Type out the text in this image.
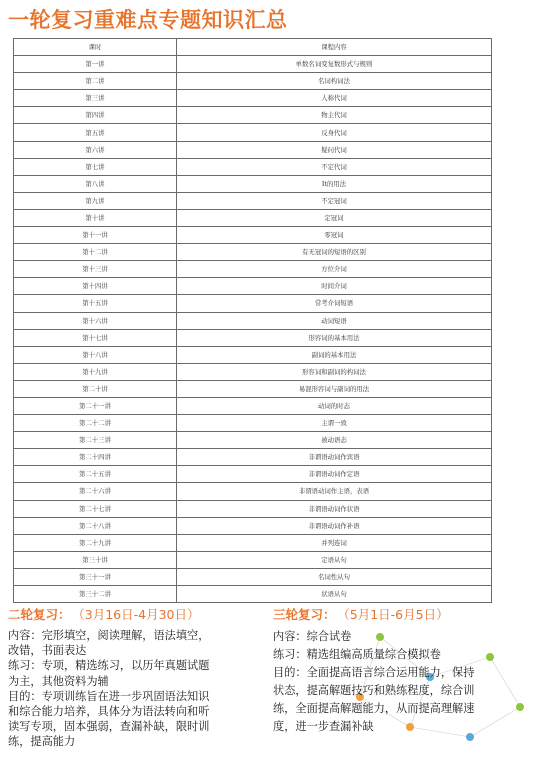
一轮复习重难点专题知识汇总
课时	课程内容
第一讲	单数名词变复数形式与规则
第二讲	名词构词法
第三讲	人称代词
第四讲	物主代词
第五讲	反身代词
第六讲	疑问代词
第七讲	不定代词
第八讲	It的用法
第九讲	不定冠词
第十讲	定冠词
第十一讲	零冠词
第十二讲	有无冠词的短语的区别
第十三讲	方位介词
第十四讲	时间介词
第十五讲	常考介词短语
第十六讲	动词短语
第十七讲	形容词的基本用法
第十八讲	副词的基本用法
第十九讲	形容词和副词的构词法
第二十讲	易混形容词与副词的用法
第二十一讲	动词的时态
第二十二讲	主谓一致
第二十三讲	被动语态
第二十四讲	非谓语动词作宾语
第二十五讲	非谓语动词作定语
第二十六讲	非谓语动词作主语，表语
第二十七讲	非谓语动词作状语
第二十八讲	非谓语动词作补语
第二十九讲	并列连词
第三十讲	定语从句
第三十一讲	名词性从句
第三十二讲	状语从句
二轮复习： （3月16日-4月30日）

内容：完形填空，阅读理解，语法填空，

改错，书面表达

练习：专项，精选练习，以历年真题试题

为主，其他资料为辅

目的：专项训练旨在进一步巩固语法知识

和综合能力培养，具体分为语法转向和听

读写专项，固本强弱，查漏补缺，限时训

练，提高能力

三轮复习： （5月1日-6月5日）

内容：综合试卷

练习：精选组编高质量综合模拟卷

目的：全面提高语言综合运用能力，保持

状态，提高解题技巧和熟练程度，综合训

练，全面提高解题能力，从而提高理解速

度，进一步查漏补缺
